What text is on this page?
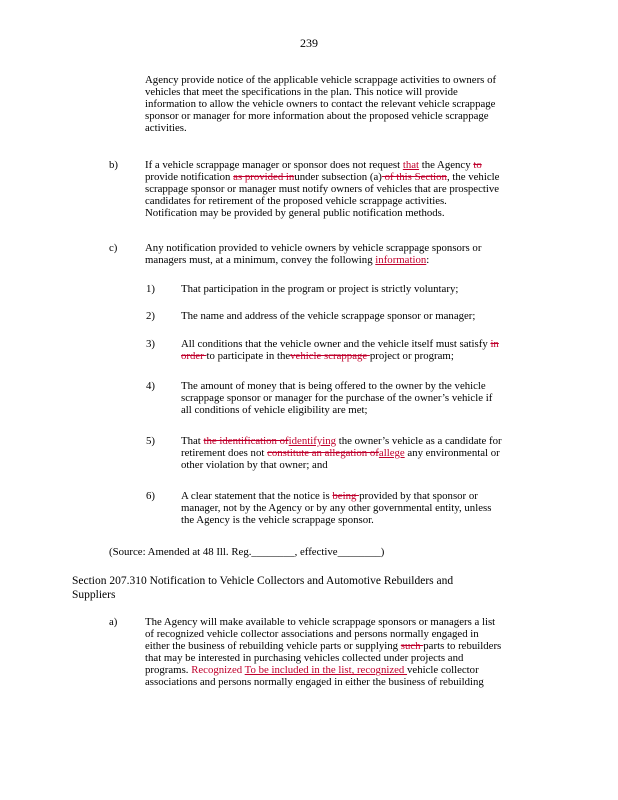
239
Agency provide notice of the applicable vehicle scrappage activities to owners of
vehicles that meet the specifications in the plan. This notice will provide
information to allow the vehicle owners to contact the relevant vehicle scrappage
sponsor or manager for more information about the proposed vehicle scrappage
activities.
b)	If a vehicle scrappage manager or sponsor does not request that the Agency to
provide notification as provided inunder subsection (a) of this Section, the vehicle
scrappage sponsor or manager must notify owners of vehicles that are prospective
candidates for retirement of the proposed vehicle scrappage activities.
Notification may be provided by general public notification methods.
c)	Any notification provided to vehicle owners by vehicle scrappage sponsors or
managers must, at a minimum, convey the following information:
1) That participation in the program or project is strictly voluntary;
2) The name and address of the vehicle scrappage sponsor or manager;
3) All conditions that the vehicle owner and the vehicle itself must satisfy in
order to participate in thevehicle scrappage project or program;
4) The amount of money that is being offered to the owner by the vehicle
scrappage sponsor or manager for the purchase of the owner’s vehicle if
all conditions of vehicle eligibility are met;
5) That the identification ofidentifying the owner’s vehicle as a candidate for
retirement does not constitute an allegation ofallege any environmental or
other violation by that owner; and
6) A clear statement that the notice is being provided by that sponsor or
manager, not by the Agency or by any other governmental entity, unless
the Agency is the vehicle scrappage sponsor.
(Source: Amended at 48 Ill. Reg.________, effective________)
Section 207.310 Notification to Vehicle Collectors and Automotive Rebuilders and
Suppliers
a)	The Agency will make available to vehicle scrappage sponsors or managers a list
of recognized vehicle collector associations and persons normally engaged in
either the business of rebuilding vehicle parts or supplying such parts to rebuilders
that may be interested in purchasing vehicles collected under projects and
programs. Recognized To be included in the list, recognized vehicle collector
associations and persons normally engaged in either the business of rebuilding
